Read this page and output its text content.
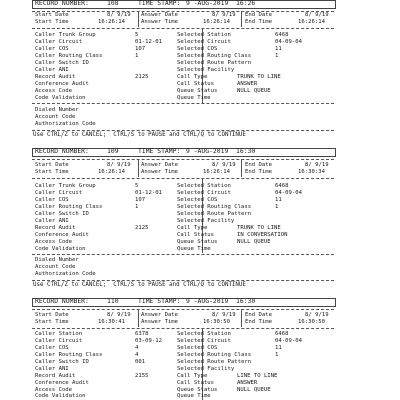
RECORD NUMBER:	108	TIME STAMP: 9 -AUG-2019  16:26
Start Date	8/ 9/19
Start Time	16:26:14
Answer Date	8/ 9/19
Answer Time	16:26:14
End Date	8/ 9/19
End Time	16:26:14
Caller Trunk Group	5
Caller Circuit	01-12-01
Caller COS	107
Caller Routing Class	1
Caller Switch ID
Caller ANI
Record Audit	2125
Conference Audit
Access Code
Code Validation
Selected Station	6468
Selected Circuit	04-09-04
Selected COS	11
Selected Routing Class	1
Selected Route Pattern
Selected Facility
Call Type	TRUNK TO LINE
Call Status	ANSWER
Queue Status	NULL QUEUE
Queue Time
Dialed Number
Account Code
Authorization Code
Use CTRL/Z to CANCEL;  CTRL/S to PAUSE and CTRL/Q to CONTINUE
RECORD NUMBER:	109	TIME STAMP: 9 -AUG-2019  16:30
Start Date	8/ 9/19
Start Time	16:26:14
Answer Date	8/ 9/19
Answer Time	16:26:14
End Date	8/ 9/19
End Time	16:30:34
Caller Trunk Group	5
Caller Circuit	01-12-01
Caller COS	107
Caller Routing Class	1
Caller Switch ID
Caller ANI
Record Audit	2125
Conference Audit
Access Code
Code Validation
Selected Station	6468
Selected Circuit	04-09-04
Selected COS	11
Selected Routing Class	1
Selected Route Pattern
Selected Facility
Call Type	TRUNK TO LINE
Call Status	IN CONVERSATION
Queue Status	NULL QUEUE
Queue Time
Dialed Number
Account Code
Authorization Code
Use CTRL/Z to CANCEL;  CTRL/S to PAUSE and CTRL/Q to CONTINUE
RECORD NUMBER:	110	TIME STAMP: 9 -AUG-2019  16:30
Start Date	8/ 9/19
Start Time	16:30:41
Answer Date	8/ 9/19
Answer Time	16:30:50
End Date	8/ 9/19
End Time	16:30:50
Caller Station	6378
Caller Circuit	03-09-12
Caller COS	4
Caller Routing Class	4
Caller Switch ID	001
Caller ANI
Record Audit	2155
Conference Audit
Access Code
Code Validation
Selected Station	6468
Selected Circuit	04-09-04
Selected COS	11
Selected Routing Class	1
Selected Route Pattern
Selected Facility
Call Type	LINE TO LINE
Call Status	ANSWER
Queue Status	NULL QUEUE
Queue Time
